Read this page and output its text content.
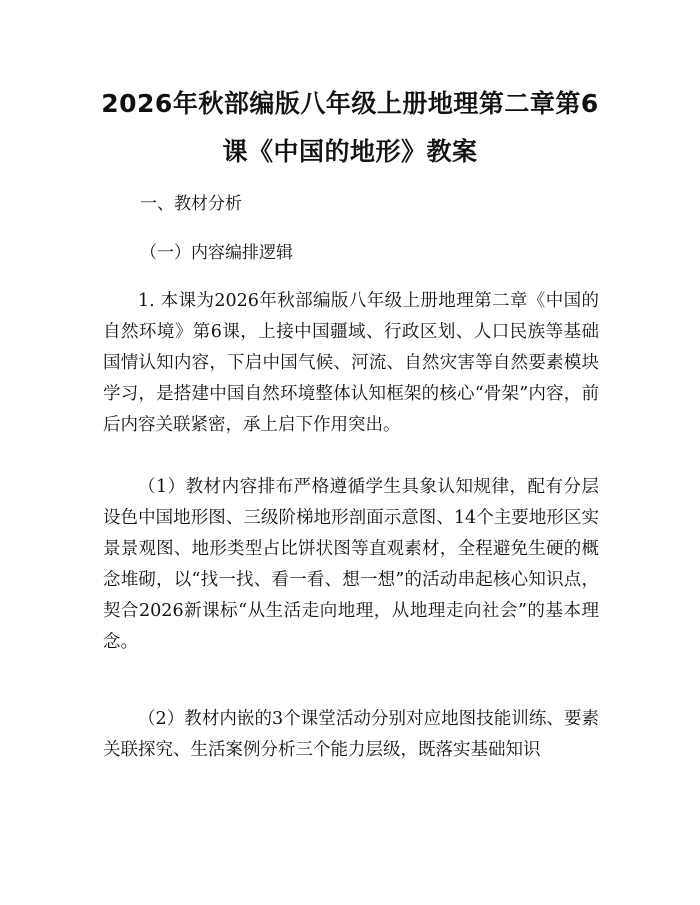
2026年秋部编版八年级上册地理第二章第6
课《中国的地形》教案
一、教材分析
（一）内容编排逻辑
1. 本课为2026年秋部编版八年级上册地理第二章《中国的自然环境》第6课，上接中国疆域、行政区划、人口民族等基础国情认知内容，下启中国气候、河流、自然灾害等自然要素模块学习，是搭建中国自然环境整体认知框架的核心“骨架”内容，前后内容关联紧密，承上启下作用突出。
（1）教材内容排布严格遵循学生具象认知规律，配有分层设色中国地形图、三级阶梯地形剖面示意图、14个主要地形区实景景观图、地形类型占比饼状图等直观素材，全程避免生硬的概念堆砌，以“找一找、看一看、想一想”的活动串起核心知识点，契合2026新课标“从生活走向地理，从地理走向社会”的基本理念。
（2）教材内嵌的3个课堂活动分别对应地图技能训练、要素关联探究、生活案例分析三个能力层级，既落实基础知识
